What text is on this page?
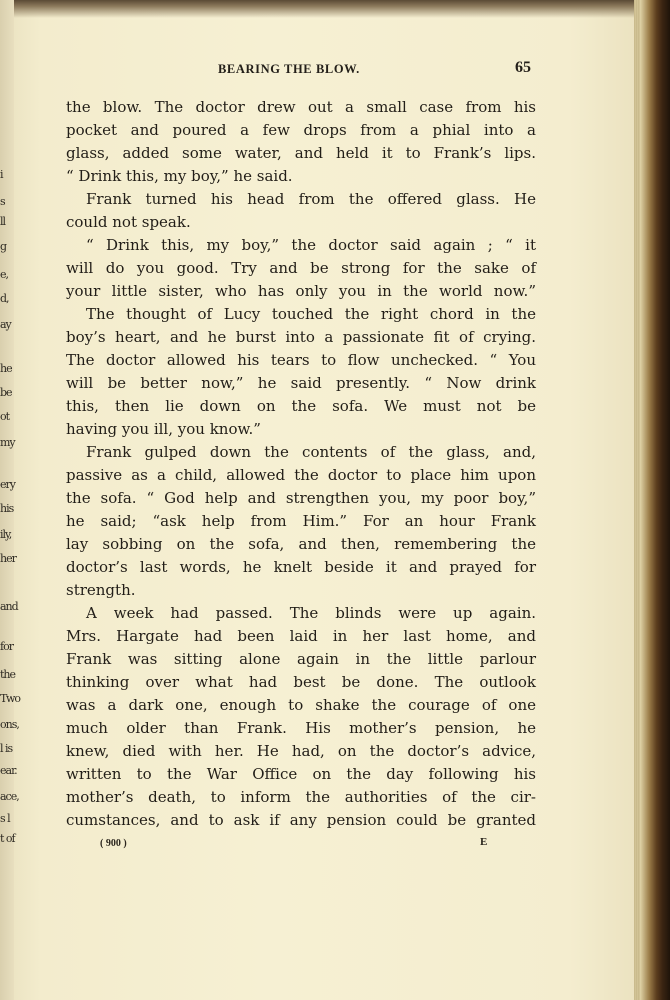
i
s
ll
g
e,
d,
ay
he
be
ot
my
ery
his
ily,
her
and
for
the
Two
ons,
l is
ear.
ace,
s l
t of
BEARING THE BLOW.	65
the blow. The doctor drew out a small case from his
pocket and poured a few drops from a phial into a
glass, added some water, and held it to Frank’s lips.
“ Drink this, my boy,” he said.
Frank turned his head from the offered glass. He
could not speak.
“ Drink this, my boy,” the doctor said again ; “ it
will do you good. Try and be strong for the sake of
your little sister, who has only you in the world now.”
The thought of Lucy touched the right chord in the
boy’s heart, and he burst into a passionate fit of crying.
The doctor allowed his tears to flow unchecked. “ You
will be better now,” he said presently. “ Now drink
this, then lie down on the sofa. We must not be
having you ill, you know.”
Frank gulped down the contents of the glass, and,
passive as a child, allowed the doctor to place him upon
the sofa. “ God help and strengthen you, my poor boy,”
he said; “ask help from Him.” For an hour Frank
lay sobbing on the sofa, and then, remembering the
doctor’s last words, he knelt beside it and prayed for
strength.
A week had passed. The blinds were up again.
Mrs. Hargate had been laid in her last home, and
Frank was sitting alone again in the little parlour
thinking over what had best be done. The outlook
was a dark one, enough to shake the courage of one
much older than Frank. His mother’s pension, he
knew, died with her. He had, on the doctor’s advice,
written to the War Office on the day following his
mother’s death, to inform the authorities of the cir-
cumstances, and to ask if any pension could be granted
( 900 )	E
